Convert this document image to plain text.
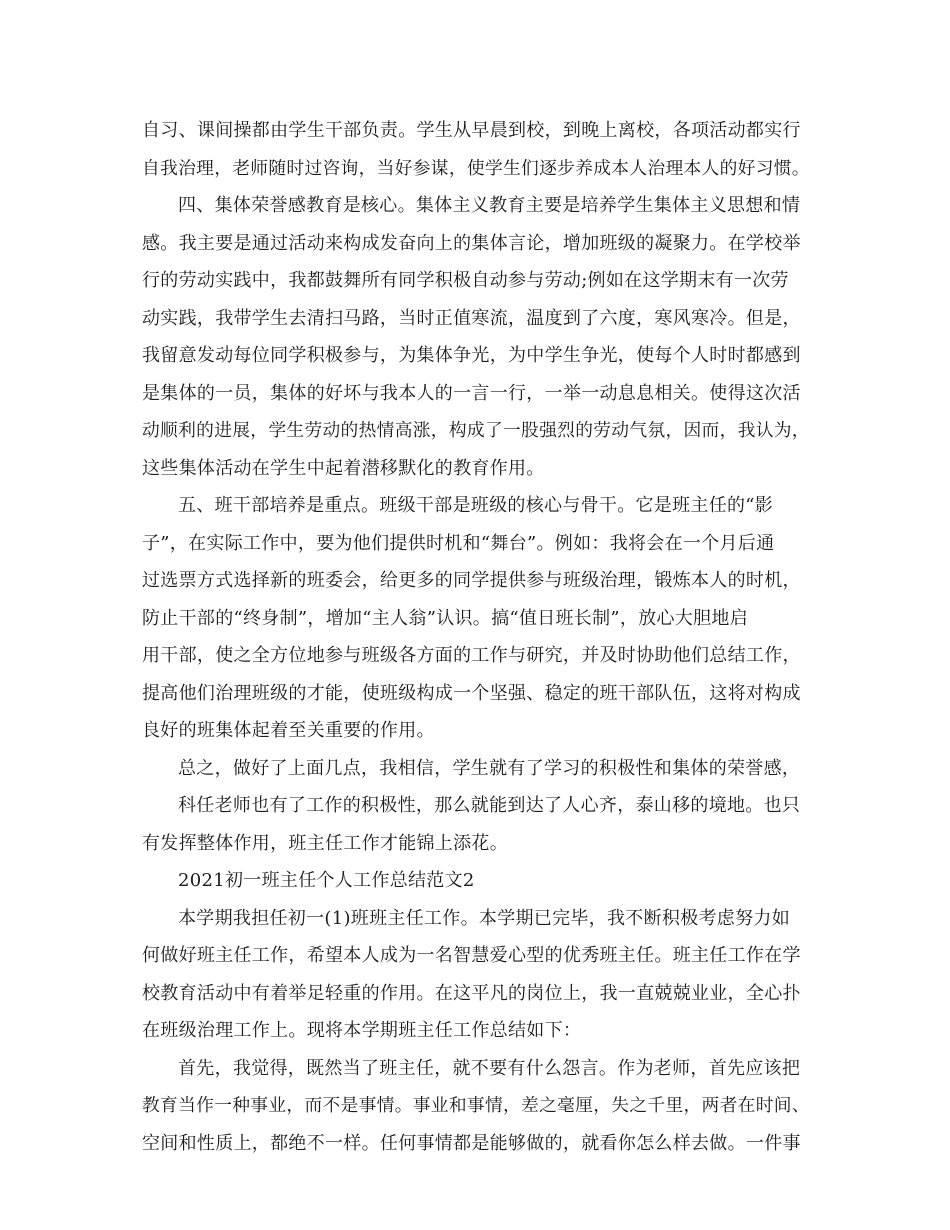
自习、课间操都由学生干部负责。学生从早晨到校，到晚上离校，各项活动都实行
自我治理，老师随时过咨询，当好参谋，使学生们逐步养成本人治理本人的好习惯。
四、集体荣誉感教育是核心。集体主义教育主要是培养学生集体主义思想和情
感。我主要是通过活动来构成发奋向上的集体言论，增加班级的凝聚力。在学校举
行的劳动实践中，我都鼓舞所有同学积极自动参与劳动;例如在这学期末有一次劳
动实践，我带学生去清扫马路，当时正值寒流，温度到了六度，寒风寒冷。但是，
我留意发动每位同学积极参与，为集体争光，为中学生争光，使每个人时时都感到
是集体的一员，集体的好坏与我本人的一言一行，一举一动息息相关。使得这次活
动顺利的进展，学生劳动的热情高涨，构成了一股强烈的劳动气氛，因而，我认为，
这些集体活动在学生中起着潜移默化的教育作用。
五、班干部培养是重点。班级干部是班级的核心与骨干。它是班主任的“影
子”，在实际工作中，要为他们提供时机和“舞台”。例如：我将会在一个月后通
过选票方式选择新的班委会，给更多的同学提供参与班级治理，锻炼本人的时机，
防止干部的“终身制”，增加“主人翁”认识。搞“值日班长制”，放心大胆地启
用干部，使之全方位地参与班级各方面的工作与研究，并及时协助他们总结工作，
提高他们治理班级的才能，使班级构成一个坚强、稳定的班干部队伍，这将对构成
良好的班集体起着至关重要的作用。
总之，做好了上面几点，我相信，学生就有了学习的积极性和集体的荣誉感，
科任老师也有了工作的积极性，那么就能到达了人心齐，泰山移的境地。也只
有发挥整体作用，班主任工作才能锦上添花。
2021初一班主任个人工作总结范文2
本学期我担任初一(1)班班主任工作。本学期已完毕，我不断积极考虑努力如
何做好班主任工作，希望本人成为一名智慧爱心型的优秀班主任。班主任工作在学
校教育活动中有着举足轻重的作用。在这平凡的岗位上，我一直兢兢业业，全心扑
在班级治理工作上。现将本学期班主任工作总结如下：
首先，我觉得，既然当了班主任，就不要有什么怨言。作为老师，首先应该把
教育当作一种事业，而不是事情。事业和事情，差之毫厘，失之千里，两者在时间、
空间和性质上，都绝不一样。任何事情都是能够做的，就看你怎么样去做。一件事
